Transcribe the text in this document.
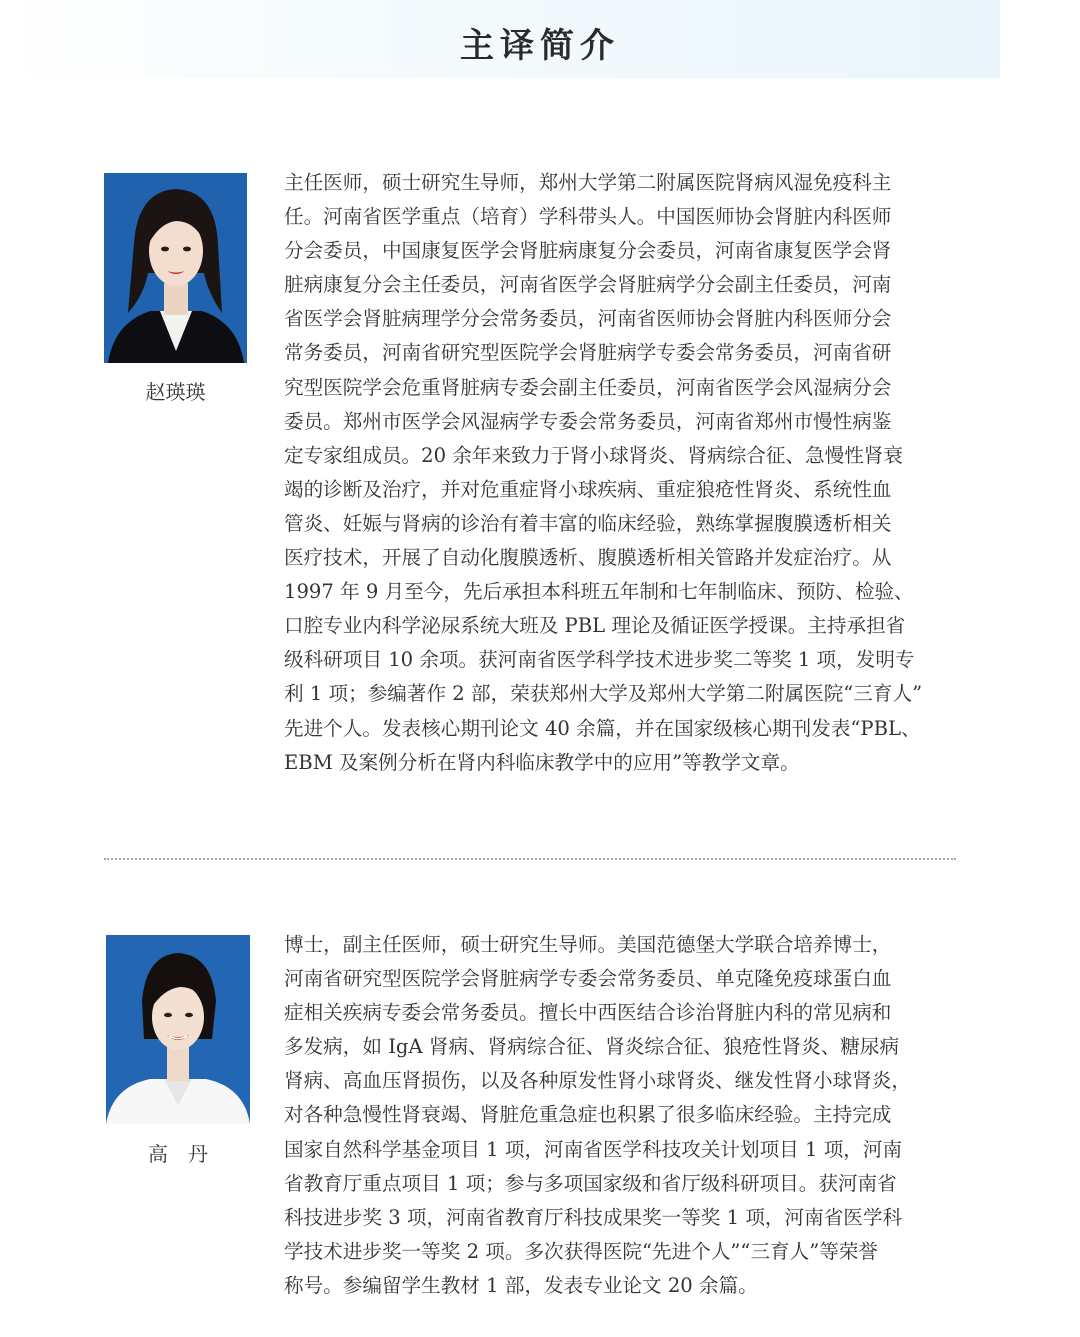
主译简介
赵瑛瑛
主任医师，硕士研究生导师，郑州大学第二附属医院肾病风湿免疫科主
任。河南省医学重点（培育）学科带头人。中国医师协会肾脏内科医师
分会委员，中国康复医学会肾脏病康复分会委员，河南省康复医学会肾
脏病康复分会主任委员，河南省医学会肾脏病学分会副主任委员，河南
省医学会肾脏病理学分会常务委员，河南省医师协会肾脏内科医师分会
常务委员，河南省研究型医院学会肾脏病学专委会常务委员，河南省研
究型医院学会危重肾脏病专委会副主任委员，河南省医学会风湿病分会
委员。郑州市医学会风湿病学专委会常务委员，河南省郑州市慢性病鉴
定专家组成员。20 余年来致力于肾小球肾炎、肾病综合征、急慢性肾衰
竭的诊断及治疗，并对危重症肾小球疾病、重症狼疮性肾炎、系统性血
管炎、妊娠与肾病的诊治有着丰富的临床经验，熟练掌握腹膜透析相关
医疗技术，开展了自动化腹膜透析、腹膜透析相关管路并发症治疗。从
1997 年 9 月至今，先后承担本科班五年制和七年制临床、预防、检验、
口腔专业内科学泌尿系统大班及 PBL 理论及循证医学授课。主持承担省
级科研项目 10 余项。获河南省医学科学技术进步奖二等奖 1 项，发明专
利 1 项；参编著作 2 部，荣获郑州大学及郑州大学第二附属医院“三育人”
先进个人。发表核心期刊论文 40 余篇，并在国家级核心期刊发表“PBL、
EBM 及案例分析在肾内科临床教学中的应用”等教学文章。
高　丹
博士，副主任医师，硕士研究生导师。美国范德堡大学联合培养博士，
河南省研究型医院学会肾脏病学专委会常务委员、单克隆免疫球蛋白血
症相关疾病专委会常务委员。擅长中西医结合诊治肾脏内科的常见病和
多发病，如 IgA 肾病、肾病综合征、肾炎综合征、狼疮性肾炎、糖尿病
肾病、高血压肾损伤，以及各种原发性肾小球肾炎、继发性肾小球肾炎，
对各种急慢性肾衰竭、肾脏危重急症也积累了很多临床经验。主持完成
国家自然科学基金项目 1 项，河南省医学科技攻关计划项目 1 项，河南
省教育厅重点项目 1 项；参与多项国家级和省厅级科研项目。获河南省
科技进步奖 3 项，河南省教育厅科技成果奖一等奖 1 项，河南省医学科
学技术进步奖一等奖 2 项。多次获得医院“先进个人”“三育人”等荣誉
称号。参编留学生教材 1 部，发表专业论文 20 余篇。
